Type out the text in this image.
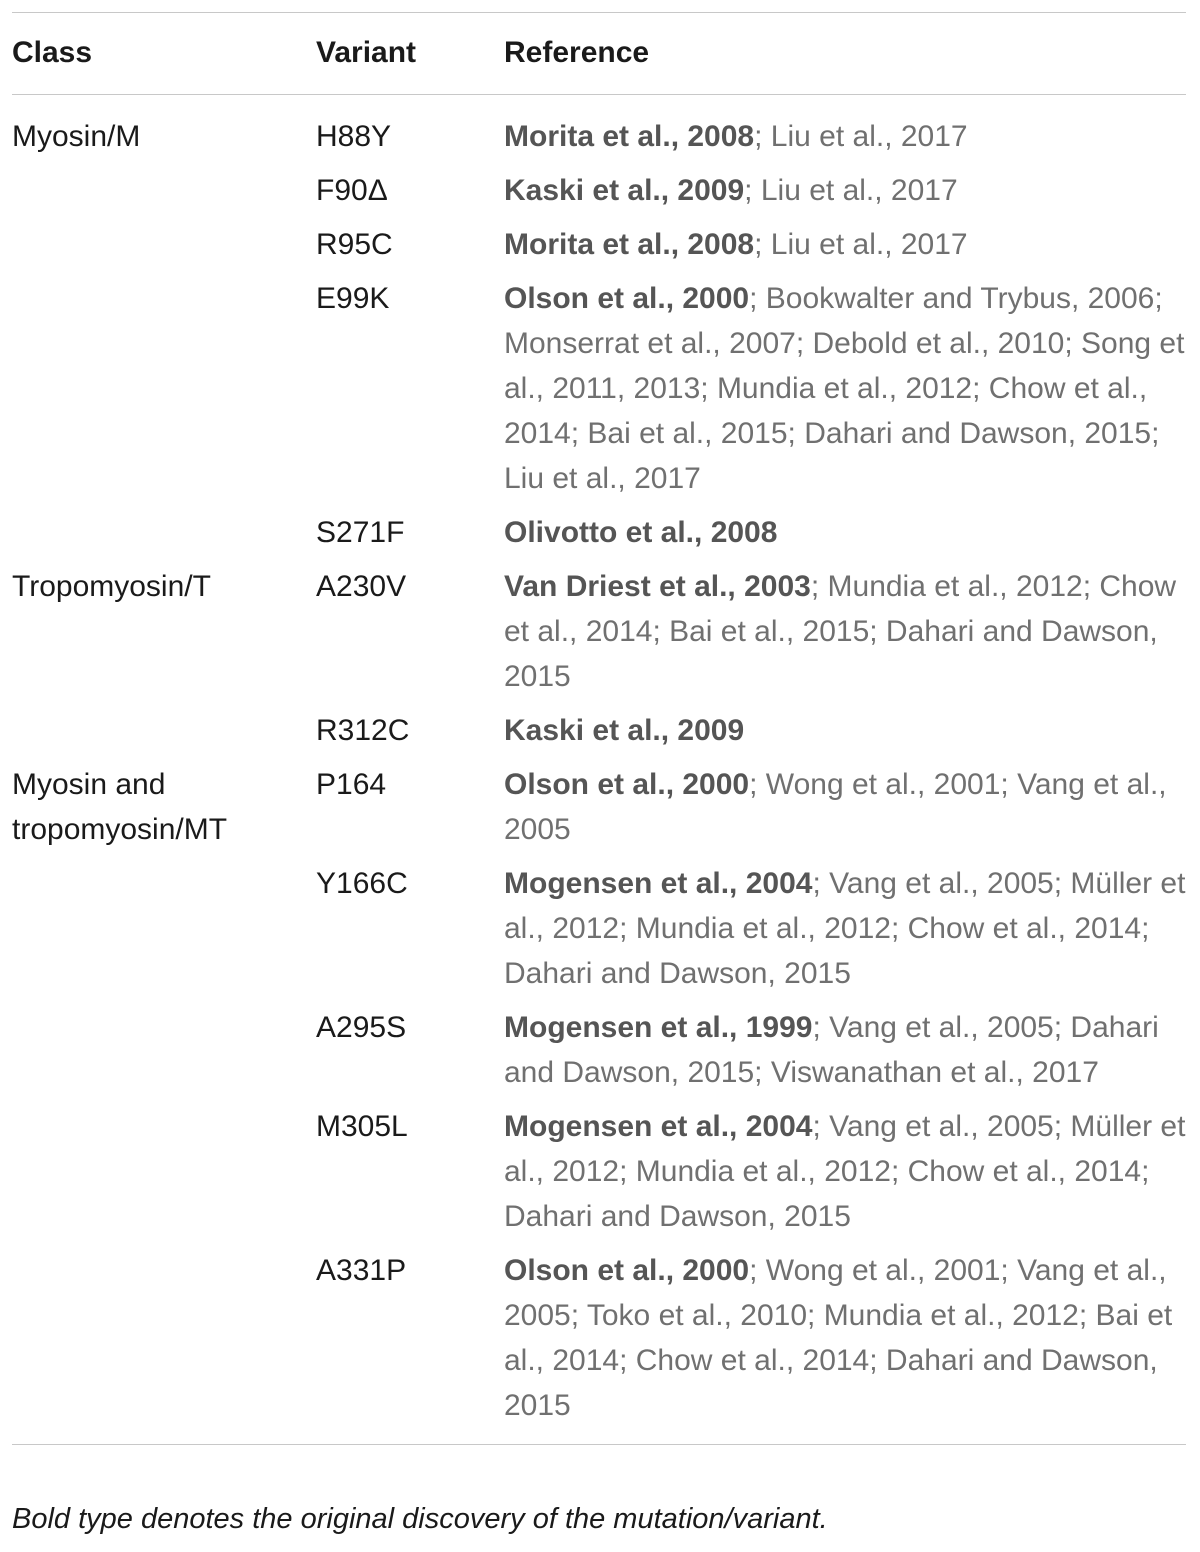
Class	Variant	Reference
Myosin/M	H88Y	Morita et al., 2008; Liu et al., 2017
	F90Δ	Kaski et al., 2009; Liu et al., 2017
	R95C	Morita et al., 2008; Liu et al., 2017
	E99K	Olson et al., 2000; Bookwalter and Trybus, 2006; Monserrat et al., 2007; Debold et al., 2010; Song et al., 2011, 2013; Mundia et al., 2012; Chow et al., 2014; Bai et al., 2015; Dahari and Dawson, 2015; Liu et al., 2017
	S271F	Olivotto et al., 2008
Tropomyosin/T	A230V	Van Driest et al., 2003; Mundia et al., 2012; Chow et al., 2014; Bai et al., 2015; Dahari and Dawson, 2015
	R312C	Kaski et al., 2009
Myosin and tropomyosin/MT	P164	Olson et al., 2000; Wong et al., 2001; Vang et al., 2005
	Y166C	Mogensen et al., 2004; Vang et al., 2005; Müller et al., 2012; Mundia et al., 2012; Chow et al., 2014; Dahari and Dawson, 2015
	A295S	Mogensen et al., 1999; Vang et al., 2005; Dahari and Dawson, 2015; Viswanathan et al., 2017
	M305L	Mogensen et al., 2004; Vang et al., 2005; Müller et al., 2012; Mundia et al., 2012; Chow et al., 2014; Dahari and Dawson, 2015
	A331P	Olson et al., 2000; Wong et al., 2001; Vang et al., 2005; Toko et al., 2010; Mundia et al., 2012; Bai et al., 2014; Chow et al., 2014; Dahari and Dawson, 2015
Bold type denotes the original discovery of the mutation/variant.
